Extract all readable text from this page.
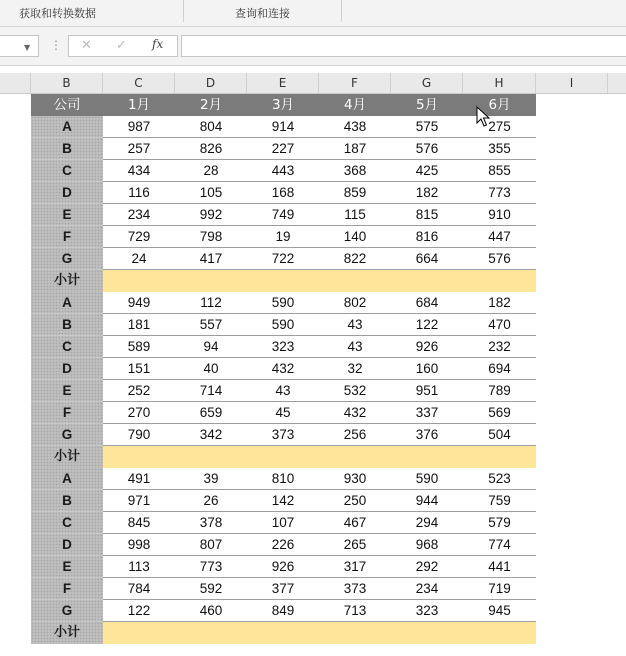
获取和转换数据	查询和连接
▼ ⋮ ✕ ✓ fx
B	C	D	E	F	G	H	I
公司	1月	2月	3月	4月	5月	6月
A	987	804	914	438	575	275
B	257	826	227	187	576	355
C	434	28	443	368	425	855
D	116	105	168	859	182	773
E	234	992	749	115	815	910
F	729	798	19	140	816	447
G	24	417	722	822	664	576
小计
A	949	112	590	802	684	182
B	181	557	590	43	122	470
C	589	94	323	43	926	232
D	151	40	432	32	160	694
E	252	714	43	532	951	789
F	270	659	45	432	337	569
G	790	342	373	256	376	504
小计
A	491	39	810	930	590	523
B	971	26	142	250	944	759
C	845	378	107	467	294	579
D	998	807	226	265	968	774
E	113	773	926	317	292	441
F	784	592	377	373	234	719
G	122	460	849	713	323	945
小计
